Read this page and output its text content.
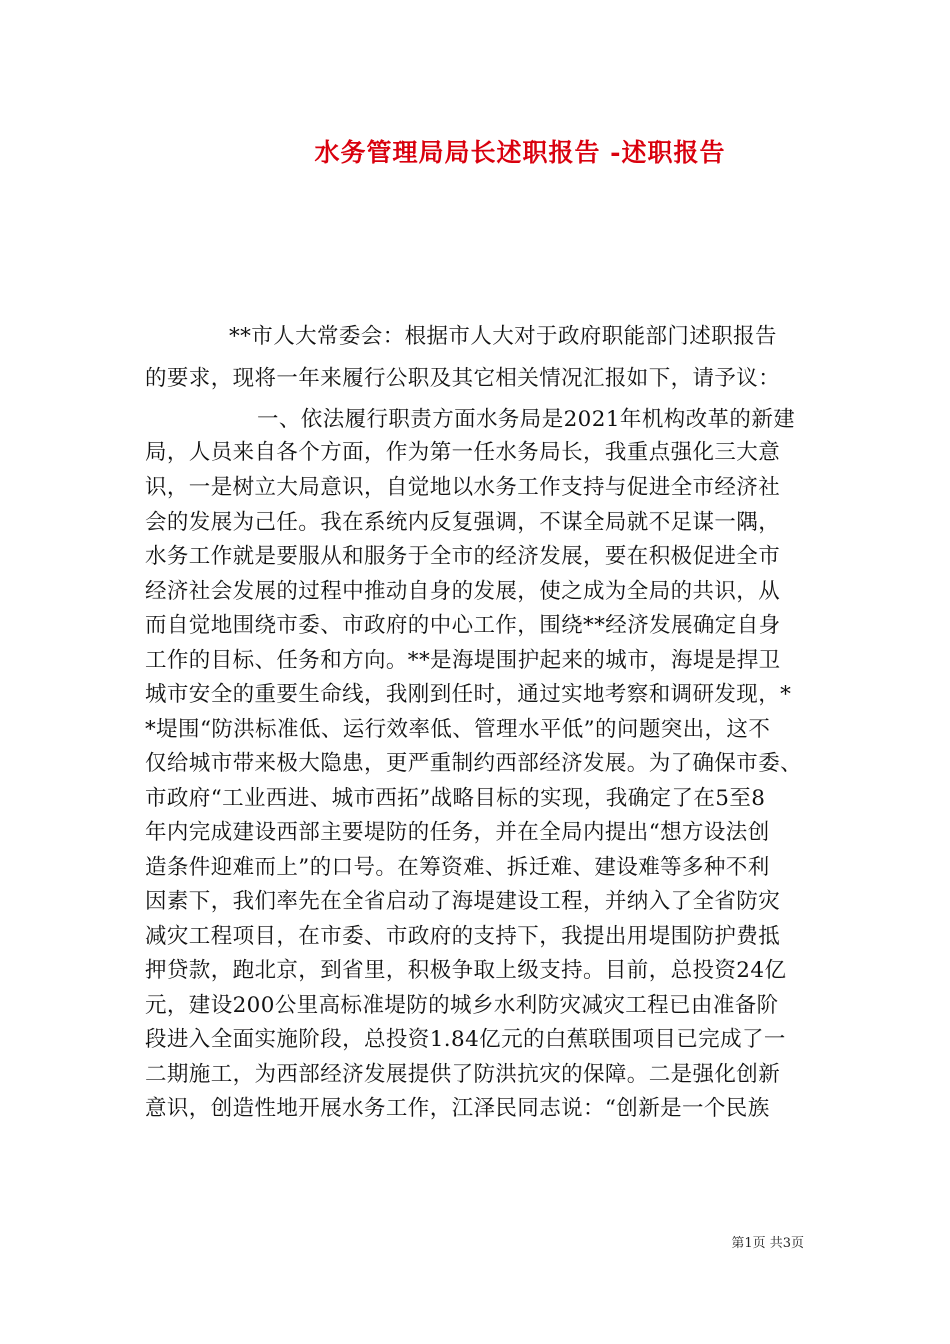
水务管理局局长述职报告 -述职报告
**市人大常委会：根据市人大对于政府职能部门述职报告
的要求，现将一年来履行公职及其它相关情况汇报如下，请予议：
一、依法履行职责方面水务局是2021年机构改革的新建
局，人员来自各个方面，作为第一任水务局长，我重点强化三大意
识，一是树立大局意识，自觉地以水务工作支持与促进全市经济社
会的发展为己任。我在系统内反复强调，不谋全局就不足谋一隅，
水务工作就是要服从和服务于全市的经济发展，要在积极促进全市
经济社会发展的过程中推动自身的发展，使之成为全局的共识，从
而自觉地围绕市委、市政府的中心工作，围绕**经济发展确定自身
工作的目标、任务和方向。**是海堤围护起来的城市，海堤是捍卫
城市安全的重要生命线，我刚到任时，通过实地考察和调研发现，*
*堤围“防洪标准低、运行效率低、管理水平低”的问题突出，这不
仅给城市带来极大隐患，更严重制约西部经济发展。为了确保市委、
市政府“工业西进、城市西拓”战略目标的实现，我确定了在5至8
年内完成建设西部主要堤防的任务，并在全局内提出“想方设法创
造条件迎难而上”的口号。在筹资难、拆迁难、建设难等多种不利
因素下，我们率先在全省启动了海堤建设工程，并纳入了全省防灾
减灾工程项目，在市委、市政府的支持下，我提出用堤围防护费抵
押贷款，跑北京，到省里，积极争取上级支持。目前，总投资24亿
元，建设200公里高标准堤防的城乡水利防灾减灾工程已由准备阶
段进入全面实施阶段，总投资1.84亿元的白蕉联围项目已完成了一
二期施工，为西部经济发展提供了防洪抗灾的保障。二是强化创新
意识，创造性地开展水务工作，江泽民同志说：“创新是一个民族
第1页 共3页
